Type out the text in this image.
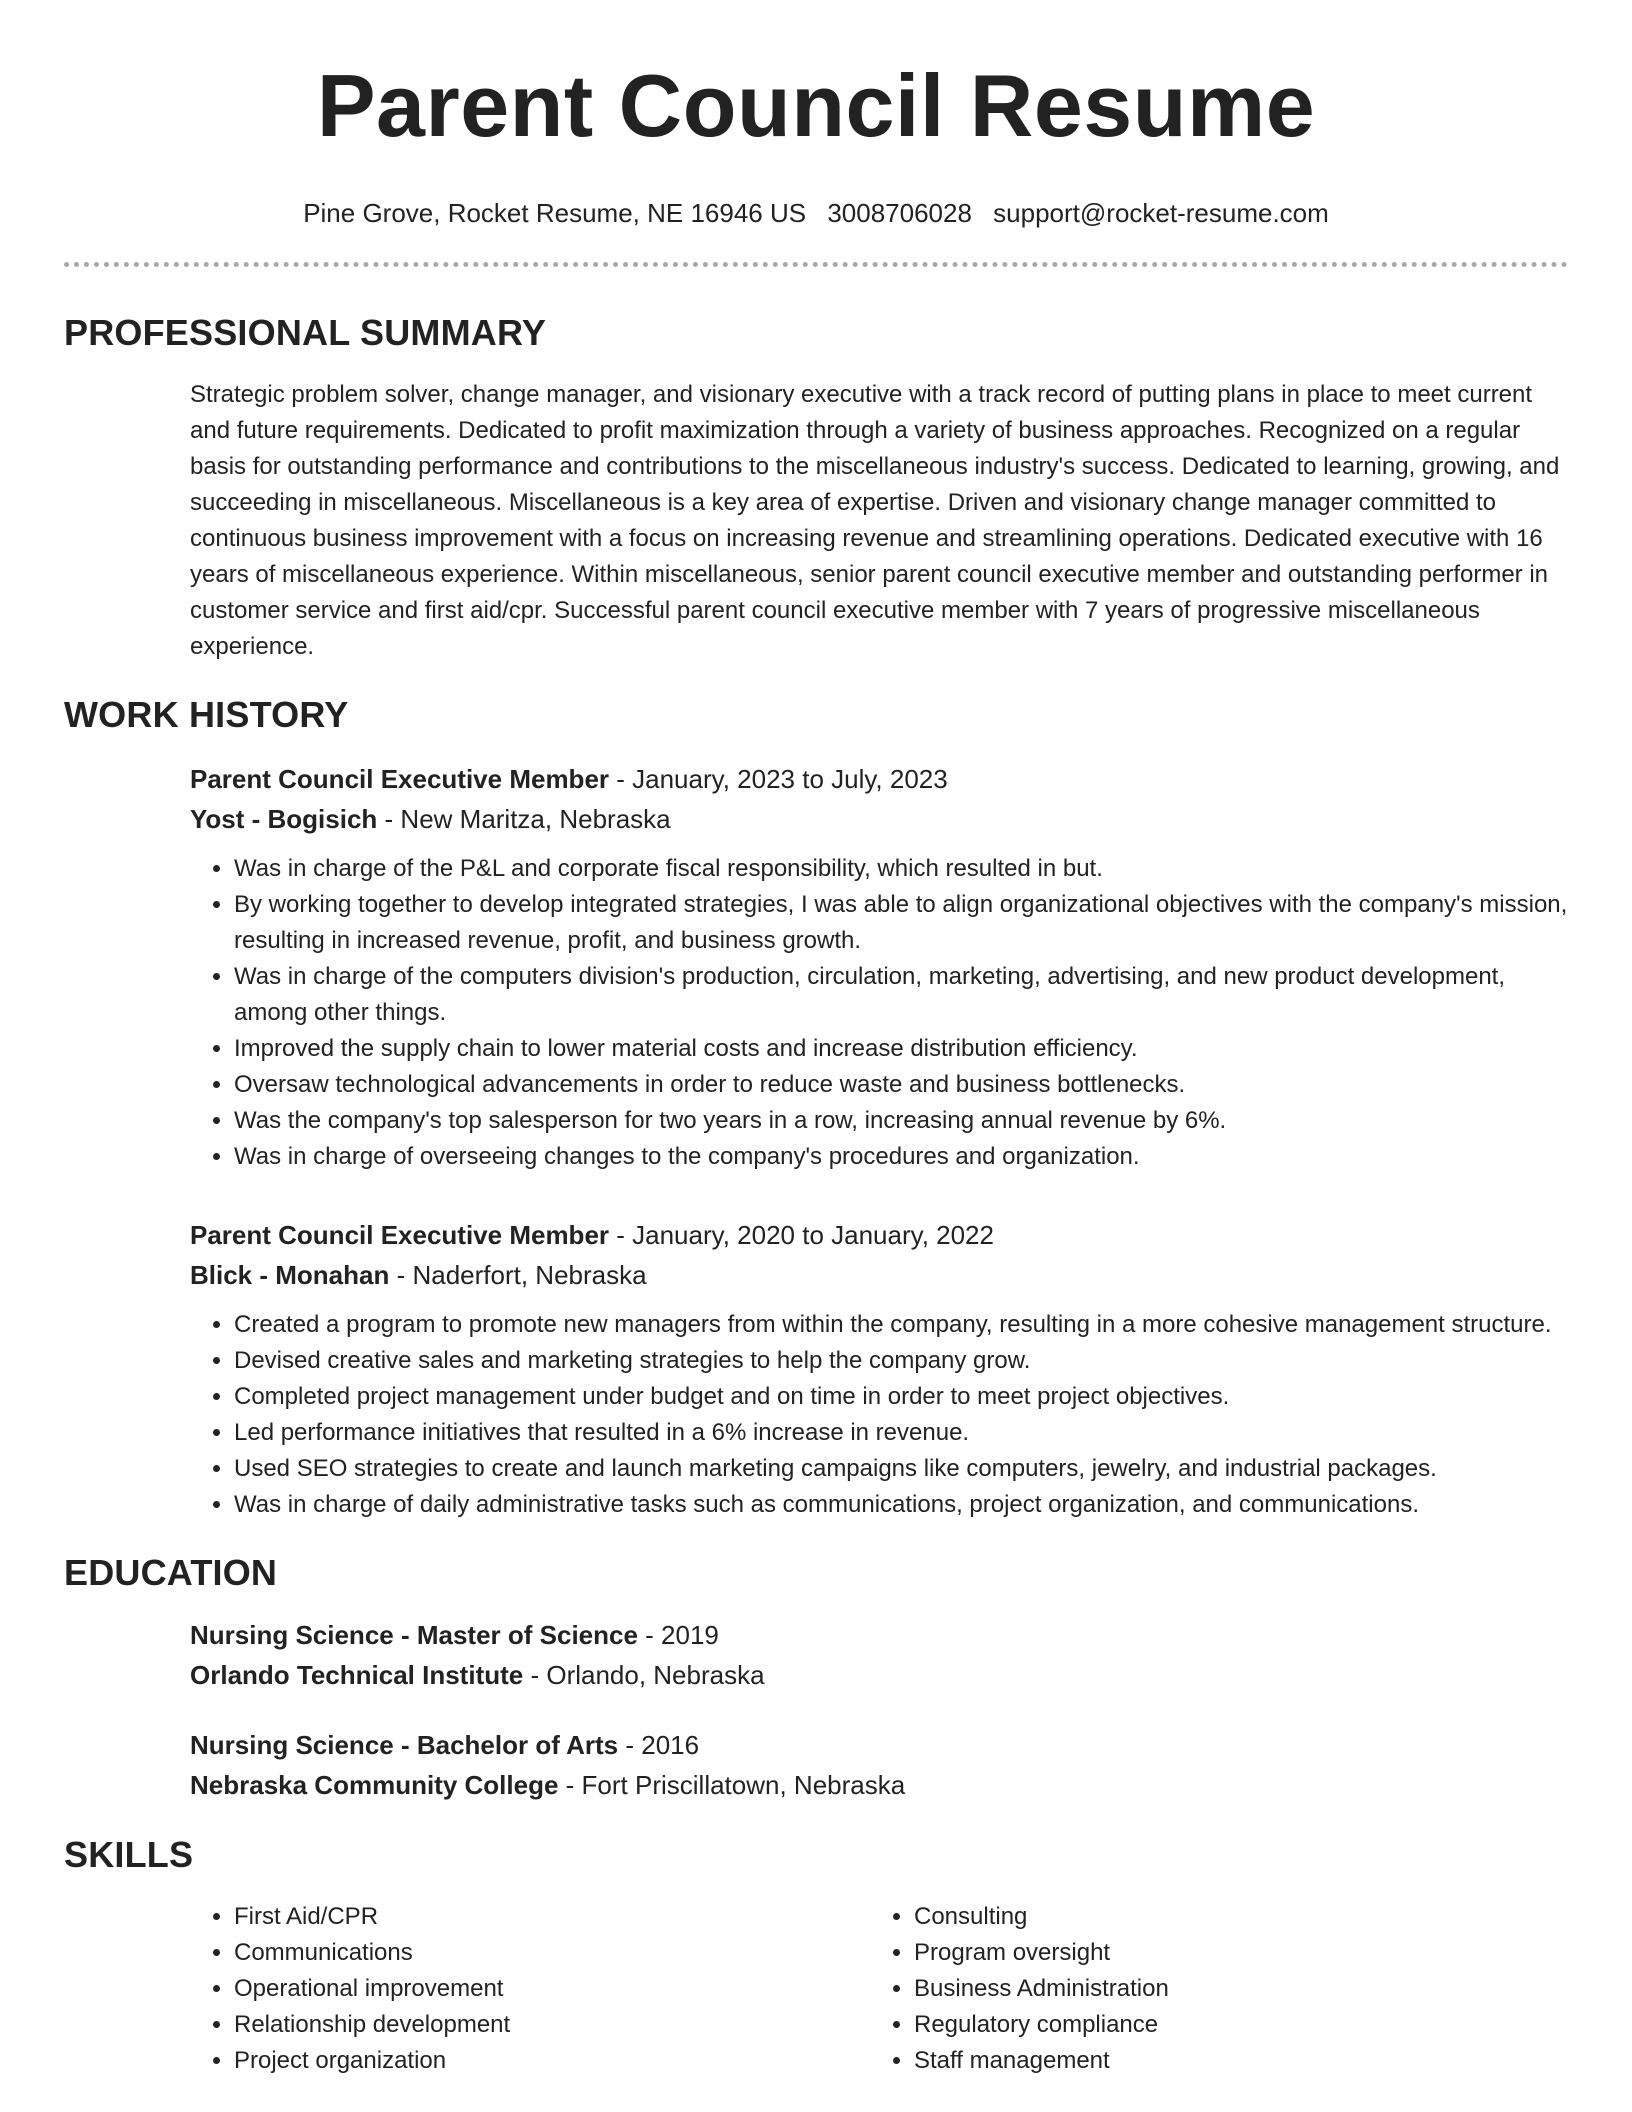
Parent Council Resume
Pine Grove, Rocket Resume, NE 16946 US 3008706028 support@rocket-resume.com
PROFESSIONAL SUMMARY
Strategic problem solver, change manager, and visionary executive with a track record of putting plans in place to meet current and future requirements. Dedicated to profit maximization through a variety of business approaches. Recognized on a regular basis for outstanding performance and contributions to the miscellaneous industry's success. Dedicated to learning, growing, and succeeding in miscellaneous. Miscellaneous is a key area of expertise. Driven and visionary change manager committed to continuous business improvement with a focus on increasing revenue and streamlining operations. Dedicated executive with 16 years of miscellaneous experience. Within miscellaneous, senior parent council executive member and outstanding performer in customer service and first aid/cpr. Successful parent council executive member with 7 years of progressive miscellaneous experience.
WORK HISTORY
Parent Council Executive Member - January, 2023 to July, 2023
Yost - Bogisich - New Maritza, Nebraska
• Was in charge of the P&L and corporate fiscal responsibility, which resulted in but.
• By working together to develop integrated strategies, I was able to align organizational objectives with the company's mission, resulting in increased revenue, profit, and business growth.
• Was in charge of the computers division's production, circulation, marketing, advertising, and new product development, among other things.
• Improved the supply chain to lower material costs and increase distribution efficiency.
• Oversaw technological advancements in order to reduce waste and business bottlenecks.
• Was the company's top salesperson for two years in a row, increasing annual revenue by 6%.
• Was in charge of overseeing changes to the company's procedures and organization.
Parent Council Executive Member - January, 2020 to January, 2022
Blick - Monahan - Naderfort, Nebraska
• Created a program to promote new managers from within the company, resulting in a more cohesive management structure.
• Devised creative sales and marketing strategies to help the company grow.
• Completed project management under budget and on time in order to meet project objectives.
• Led performance initiatives that resulted in a 6% increase in revenue.
• Used SEO strategies to create and launch marketing campaigns like computers, jewelry, and industrial packages.
• Was in charge of daily administrative tasks such as communications, project organization, and communications.
EDUCATION
Nursing Science - Master of Science - 2019
Orlando Technical Institute - Orlando, Nebraska
Nursing Science - Bachelor of Arts - 2016
Nebraska Community College - Fort Priscillatown, Nebraska
SKILLS
• First Aid/CPR
• Communications
• Operational improvement
• Relationship development
• Project organization
• Consulting
• Program oversight
• Business Administration
• Regulatory compliance
• Staff management
